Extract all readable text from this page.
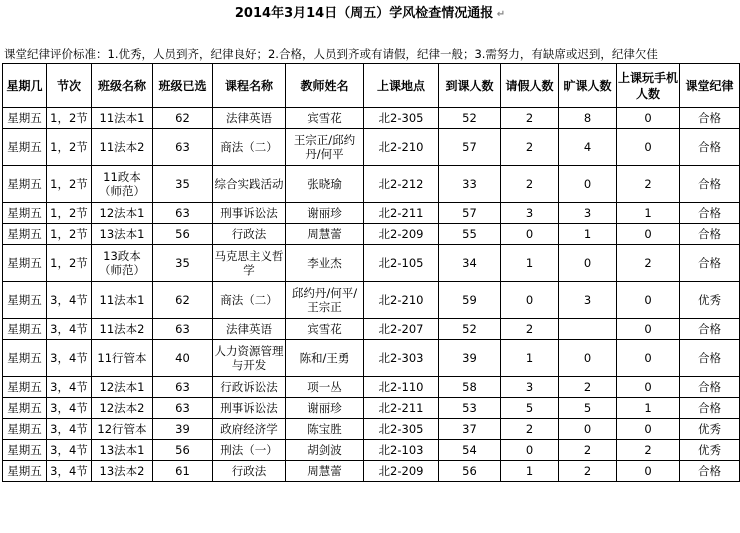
2014年3月14日（周五）学风检查情况通报 ↵
课堂纪律评价标准：1.优秀，人员到齐，纪律良好；2.合格，人员到齐或有请假，纪律一般；3.需努力，有缺席或迟到，纪律欠佳
星期几	节次	班级名称	班级已选	课程名称	教师姓名	上课地点	到课人数	请假人数	旷课人数	上课玩手机人数	课堂纪律
星期五	1，2节	11法本1	62	法律英语	宾雪花	北2-305	52	2	8	0	合格
星期五	1，2节	11法本2	63	商法（二）	王宗正/邱约丹/何平	北2-210	57	2	4	0	合格
星期五	1，2节	11政本（师范）	35	综合实践活动	张晓瑜	北2-212	33	2	0	2	合格
星期五	1，2节	12法本1	63	刑事诉讼法	谢丽珍	北2-211	57	3	3	1	合格
星期五	1，2节	13法本1	56	行政法	周慧蕾	北2-209	55	0	1	0	合格
星期五	1，2节	13政本（师范）	35	马克思主义哲学	李业杰	北2-105	34	1	0	2	合格
星期五	3，4节	11法本1	62	商法（二）	邱约丹/何平/王宗正	北2-210	59	0	3	0	优秀
星期五	3，4节	11法本2	63	法律英语	宾雪花	北2-207	52	2		0	合格
星期五	3，4节	11行管本	40	人力资源管理与开发	陈和/王勇	北2-303	39	1	0	0	合格
星期五	3，4节	12法本1	63	行政诉讼法	项一丛	北2-110	58	3	2	0	合格
星期五	3，4节	12法本2	63	刑事诉讼法	谢丽珍	北2-211	53	5	5	1	合格
星期五	3，4节	12行管本	39	政府经济学	陈宝胜	北2-305	37	2	0	0	优秀
星期五	3，4节	13法本1	56	刑法（一）	胡剑波	北2-103	54	0	2	2	优秀
星期五	3，4节	13法本2	61	行政法	周慧蕾	北2-209	56	1	2	0	合格
